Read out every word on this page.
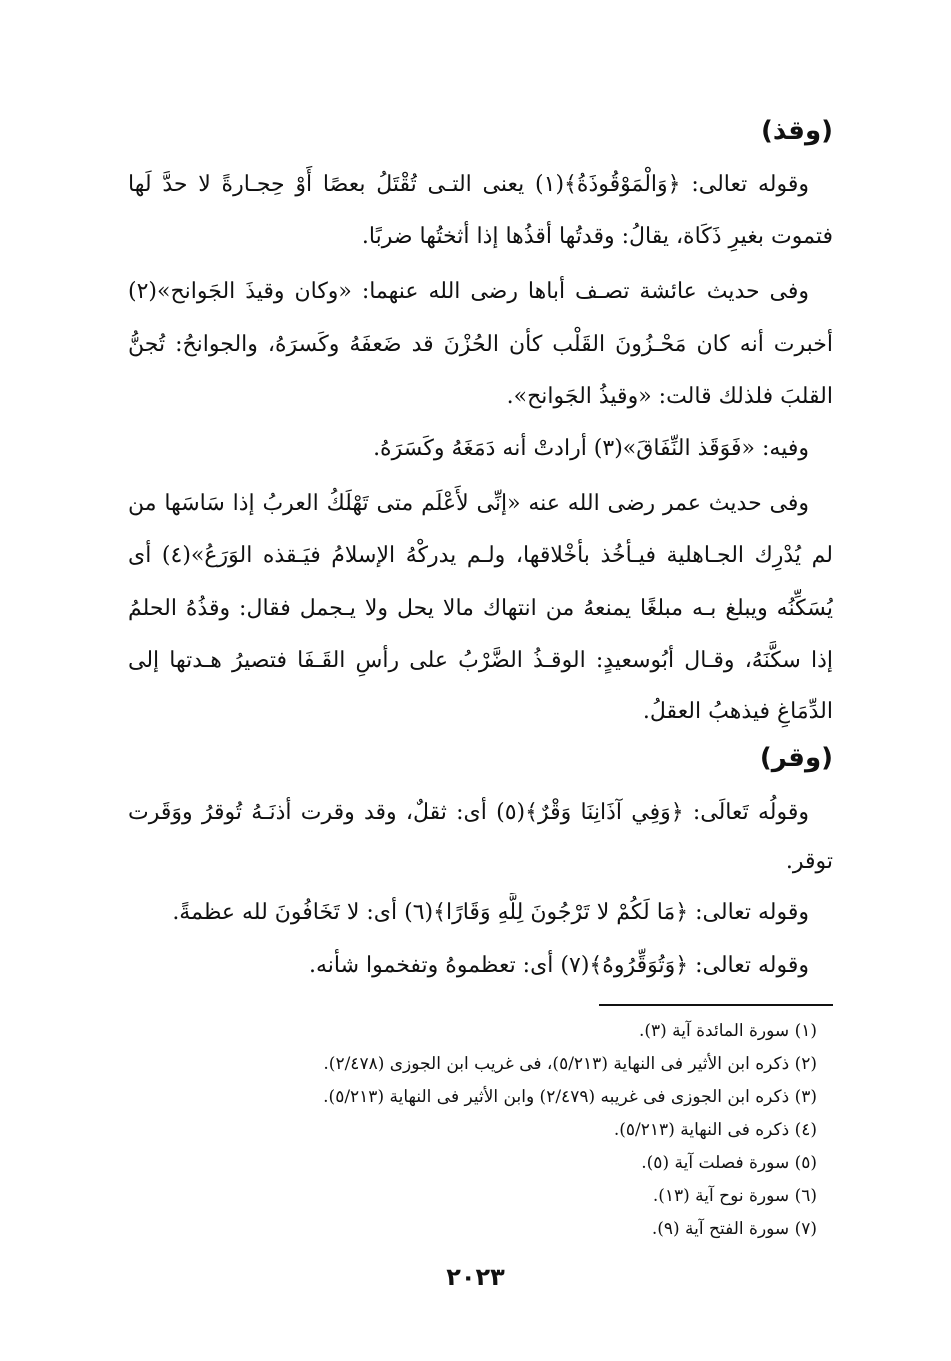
(وقذ)
وقوله تعالى: ﴿وَالْمَوْقُوذَةُ﴾(١) يعنى التـى تُقْتَلُ بعصًا أَوْ حِجـارةً لا حدَّ لَها
فتموت بغيرِ ذَكَاة، يقالُ: وقدتُها أقذُها إذا أثختُها ضربًا.
وفى حديث عائشة تصـف أباها رضى الله عنهما: «وكان وقيذَ الجَوانح»(٢)
أخبرت أنه كان مَحْـزُونَ القَلْب كأن الحُزْنَ قد ضَعفَهُ وكَسرَهُ، والجوانحُ: تُجنُّ
القلبَ فلذلك قالت: «وقيذُ الجَوانح».
وفيه: «فَوَقَذ النِّفَاقَ»(٣) أرادتْ أنه دَمَغَهُ وكَسَرَهُ.
وفى حديث عمر رضى الله عنه «إنِّى لأَعْلَم متى تَهْلَكُ العربُ إذا سَاسَها من
لم يُدْرِك الجـاهلية فيـأخُذ بأخْلاقها، ولـم يدركْهُ الإسلامُ فيَـقذه الوَرَعُ»(٤) أى
يُسَكِّنُه ويبلغ بـه مبلغًا يمنعهُ من انتهاك مالا يحل ولا يـجمل فقال: وقذُهُ الحلمُ
إذا سكَّنَهُ، وقـال أبُوسعيدٍ: الوقـذُ الضَّرْبُ على رأسِ القَـفَا فتصيرُ هـدتها إلى
الدِّمَاغِ فيذهبُ العقلُ.
(وقر)
وقولُه تَعالَى: ﴿وَفِي آذَانِنَا وَقْرٌ﴾(٥) أى: ثقلٌ، وقد وقرت أذنَـهُ تُوقرُ ووَقَرت
توقر.
وقوله تعالى: ﴿مَا لَكُمْ لا تَرْجُونَ لِلَّهِ وَقَارًا﴾(٦) أى: لا تَخَافُونَ لله عظمةً.
وقوله تعالى: ﴿وَتُوَقِّرُوهُ﴾(٧) أى: تعظموهُ وتفخموا شأنه.
(١) سورة المائدة آية (٣).
(٢) ذكره ابن الأثير فى النهاية (٥/٢١٣)، فى غريب ابن الجوزى (٢/٤٧٨).
(٣) ذكره ابن الجوزى فى غريبه (٢/٤٧٩) وابن الأثير فى النهاية (٥/٢١٣).
(٤) ذكره فى النهاية (٥/٢١٣).
(٥) سورة فصلت آية (٥).
(٦) سورة نوح آية (١٣).
(٧) سورة الفتح آية (٩).
٢٠٢٣
